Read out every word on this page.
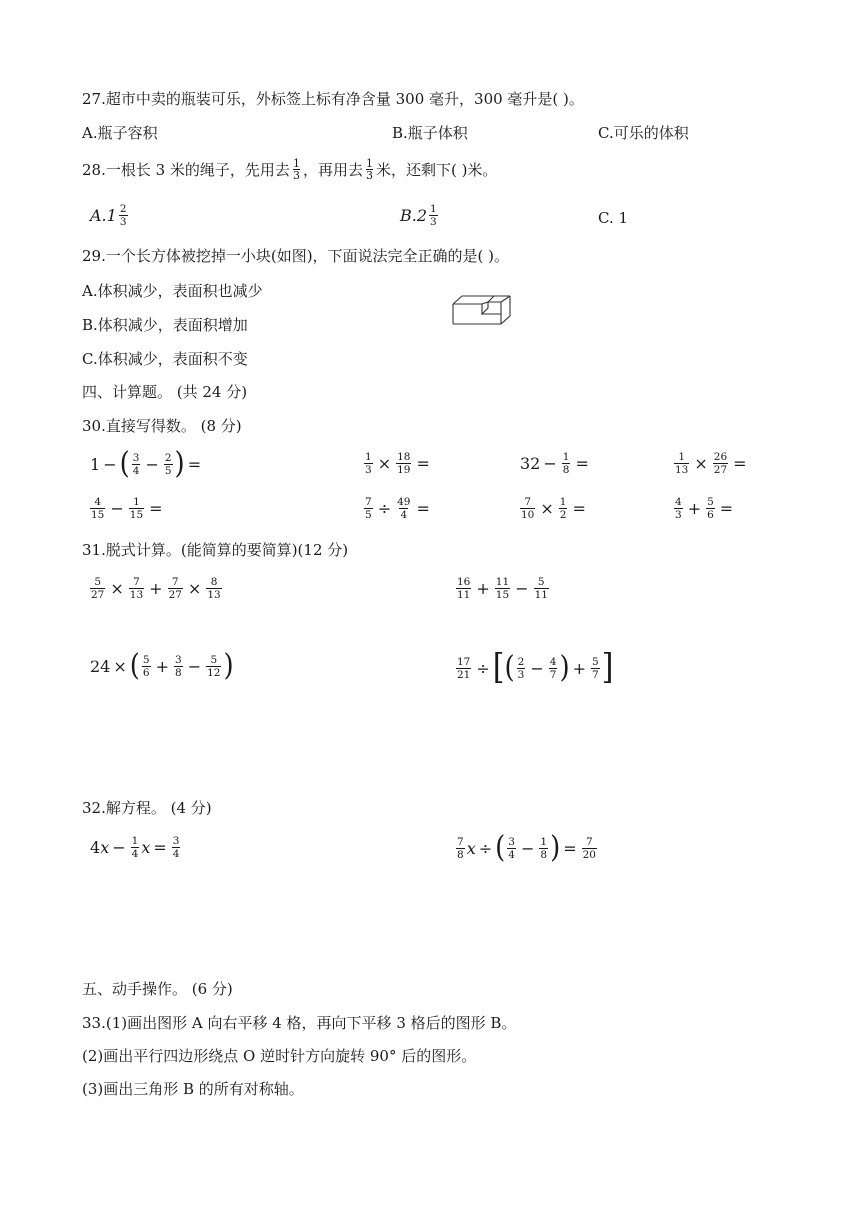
27.超市中卖的瓶装可乐，外标签上标有净含量 300 毫升，300 毫升是( )。
A.瓶子容积	B.瓶子体积	C.可乐的体积
28.一根长 3 米的绳子，先用去 $\frac{1}{3}$ ，再用去 $\frac{1}{3}$ 米，还剩下( )米。
$A.1 \frac{2}{3}$	$B.2 \frac{1}{3}$	C. 1
29.一个长方体被挖掉一小块(如图)，下面说法完全正确的是( )。
A.体积减少，表面积也减少
B.体积减少，表面积增加
C.体积减少，表面积不变
四、计算题。 (共 24 分)
30.直接写得数。 (8 分)
1 − ( $\frac{3}{4} - \frac{2}{5}$ ) =	$\frac{1}{3} \times \frac{18}{19}$ =	$32 - \frac{1}{8}$ =	$\frac{1}{13} \times \frac{26}{27}$ =
$\frac{4}{15} - \frac{1}{15}$ =	$\frac{7}{5} \div \frac{49}{4}$ =	$\frac{7}{10} \times \frac{1}{2}$ =	$\frac{4}{3} + \frac{5}{6}$ =
31.脱式计算。(能简算的要简算)(12 分)
$\frac{5}{27} \times \frac{7}{13} + \frac{7}{27} \times \frac{8}{13}$	$\frac{16}{11} + \frac{11}{15} - \frac{5}{11}$
24 × ( $\frac{5}{6} + \frac{3}{8} - \frac{5}{12}$ )	$\frac{17}{21}$ ÷ [ ( $\frac{2}{3} - \frac{4}{7}$ ) + $\frac{5}{7}$ ]
32.解方程。 (4 分)
4 $x - \frac{1}{4}$ $x = \frac{3}{4}$	$\frac{7}{8}$ x ÷ ( $\frac{3}{4} - \frac{1}{8}$ ) = $\frac{7}{20}$
五、动手操作。 (6 分)
33.(1)画出图形 A 向右平移 4 格，再向下平移 3 格后的图形 B。
(2)画出平行四边形绕点 O 逆时针方向旋转 90° 后的图形。
(3)画出三角形 B 的所有对称轴。
